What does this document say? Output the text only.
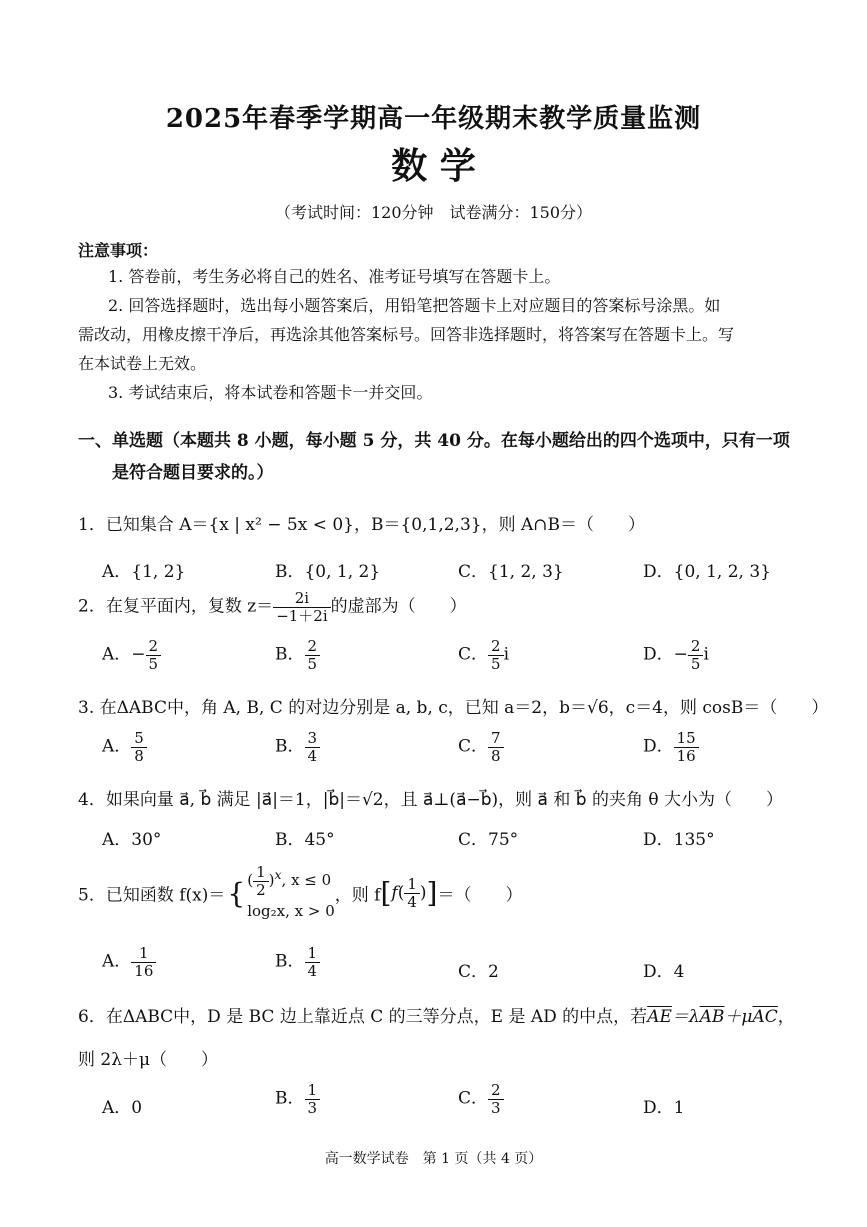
2025年春季学期高一年级期末教学质量监测
数 学
（考试时间：120分钟　试卷满分：150分）
注意事项：
1. 答卷前，考生务必将自己的姓名、准考证号填写在答题卡上。
2. 回答选择题时，选出每小题答案后，用铅笔把答题卡上对应题目的答案标号涂黑。如
需改动，用橡皮擦干净后，再选涂其他答案标号。回答非选择题时，将答案写在答题卡上。写
在本试卷上无效。
3. 考试结束后，将本试卷和答题卡一并交回。
一、单选题（本题共 8 小题，每小题 5 分，共 40 分。在每小题给出的四个选项中，只有一项
是符合题目要求的。）
1．已知集合 A＝{x | x² − 5x < 0}，B＝{0,1,2,3}，则 A∩B＝（　　）
A．{1, 2}	B．{0, 1, 2}	C．{1, 2, 3}	D．{0, 1, 2, 3}
2．在复平面内，复数 $z= \frac{2i}{-1+2i}$ 的虚部为（　　）
A．− $\frac{2}{5}$	B． $\frac{2}{5}$	C． $\frac{2}{5}$ i	D．− $\frac{2}{5}$ i
3. 在ΔABC中，角 A, B, C 的对边分别是 a, b, c，已知 a＝2，b＝√6，c＝4，则 cosB＝（　　）
A． $\frac{5}{8}$	B． $\frac{3}{4}$	C． $\frac{7}{8}$	D． $\frac{15}{16}$
4．如果向量 a⃗, b⃗ 满足 |a⃗|＝1，|b⃗|＝√2，且 a⃗⊥(a⃗−b⃗)，则 a⃗ 和 b⃗ 的夹角 θ 大小为（　　）
A．30°	B．45°	C．75°	D．135°
5．已知函数 f(x)＝{ ( $\frac{1}{2} )^x$, x ≤ 0
log₂x, x > 0
，则 $f[f( \frac{1}{4}$ )]＝（　　）
A． $\frac{1}{16}$	B． $\frac{1}{4}$	C．2	D．4
6．在ΔABC中，D 是 BC 边上靠近点 C 的三等分点，E 是 AD 的中点，若$\overline{AE}=\lambda\overline{AB}+\mu\overline{AC}$，
则 2λ＋μ（　　）
A．0	B． $\frac{1}{3}$	C． $\frac{2}{3}$	D．1
高一数学试卷　第 1 页（共 4 页）
